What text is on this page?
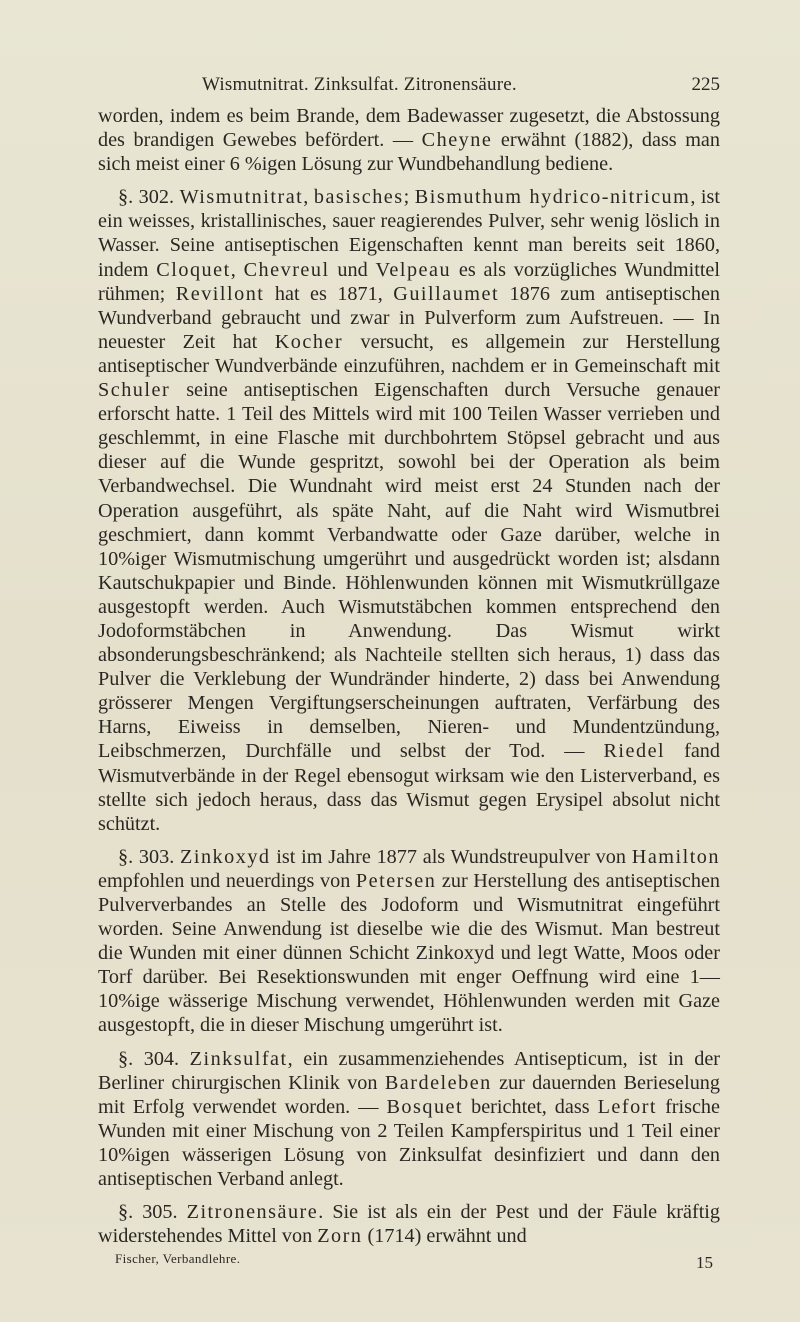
Wismutnitrat. Zinksulfat. Zitronensäure.	225

worden, indem es beim Brande, dem Badewasser zugesetzt, die Abstossung des brandigen Gewebes befördert. — Cheyne erwähnt (1882), dass man sich meist einer 6 %igen Lösung zur Wundbehandlung bediene.

§. 302. Wismutnitrat, basisches; Bismuthum hydrico-nitricum, ist ein weisses, kristallinisches, sauer reagierendes Pulver, sehr wenig löslich in Wasser. Seine antiseptischen Eigenschaften kennt man bereits seit 1860, indem Cloquet, Chevreul und Velpeau es als vorzügliches Wundmittel rühmen; Revillont hat es 1871, Guillaumet 1876 zum antiseptischen Wundverband gebraucht und zwar in Pulverform zum Aufstreuen. — In neuester Zeit hat Kocher versucht, es allgemein zur Herstellung antiseptischer Wundverbände einzuführen, nachdem er in Gemeinschaft mit Schuler seine antiseptischen Eigenschaften durch Versuche genauer erforscht hatte. 1 Teil des Mittels wird mit 100 Teilen Wasser verrieben und geschlemmt, in eine Flasche mit durchbohrtem Stöpsel gebracht und aus dieser auf die Wunde gespritzt, sowohl bei der Operation als beim Verbandwechsel. Die Wundnaht wird meist erst 24 Stunden nach der Operation ausgeführt, als späte Naht, auf die Naht wird Wismutbrei geschmiert, dann kommt Verbandwatte oder Gaze darüber, welche in 10%iger Wismutmischung umgerührt und ausgedrückt worden ist; alsdann Kautschukpapier und Binde. Höhlenwunden können mit Wismutkrüllgaze ausgestopft werden. Auch Wismutstäbchen kommen entsprechend den Jodoformstäbchen in Anwendung. Das Wismut wirkt absonderungsbeschränkend; als Nachteile stellten sich heraus, 1) dass das Pulver die Verklebung der Wundränder hinderte, 2) dass bei Anwendung grösserer Mengen Vergiftungserscheinungen auftraten, Verfärbung des Harns, Eiweiss in demselben, Nieren- und Mundentzündung, Leibschmerzen, Durchfälle und selbst der Tod. — Riedel fand Wismutverbände in der Regel ebensogut wirksam wie den Listerverband, es stellte sich jedoch heraus, dass das Wismut gegen Erysipel absolut nicht schützt.

§. 303. Zinkoxyd ist im Jahre 1877 als Wundstreupulver von Hamilton empfohlen und neuerdings von Petersen zur Herstellung des antiseptischen Pulververbandes an Stelle des Jodoform und Wismutnitrat eingeführt worden. Seine Anwendung ist dieselbe wie die des Wismut. Man bestreut die Wunden mit einer dünnen Schicht Zinkoxyd und legt Watte, Moos oder Torf darüber. Bei Resektionswunden mit enger Oeffnung wird eine 1—10%ige wässerige Mischung verwendet, Höhlenwunden werden mit Gaze ausgestopft, die in dieser Mischung umgerührt ist.

§. 304. Zinksulfat, ein zusammenziehendes Antisepticum, ist in der Berliner chirurgischen Klinik von Bardeleben zur dauernden Berieselung mit Erfolg verwendet worden. — Bosquet berichtet, dass Lefort frische Wunden mit einer Mischung von 2 Teilen Kampferspiritus und 1 Teil einer 10%igen wässerigen Lösung von Zinksulfat desinfiziert und dann den antiseptischen Verband anlegt.

§. 305. Zitronensäure. Sie ist als ein der Pest und der Fäule kräftig widerstehendes Mittel von Zorn (1714) erwähnt und

Fischer, Verbandlehre.	15
